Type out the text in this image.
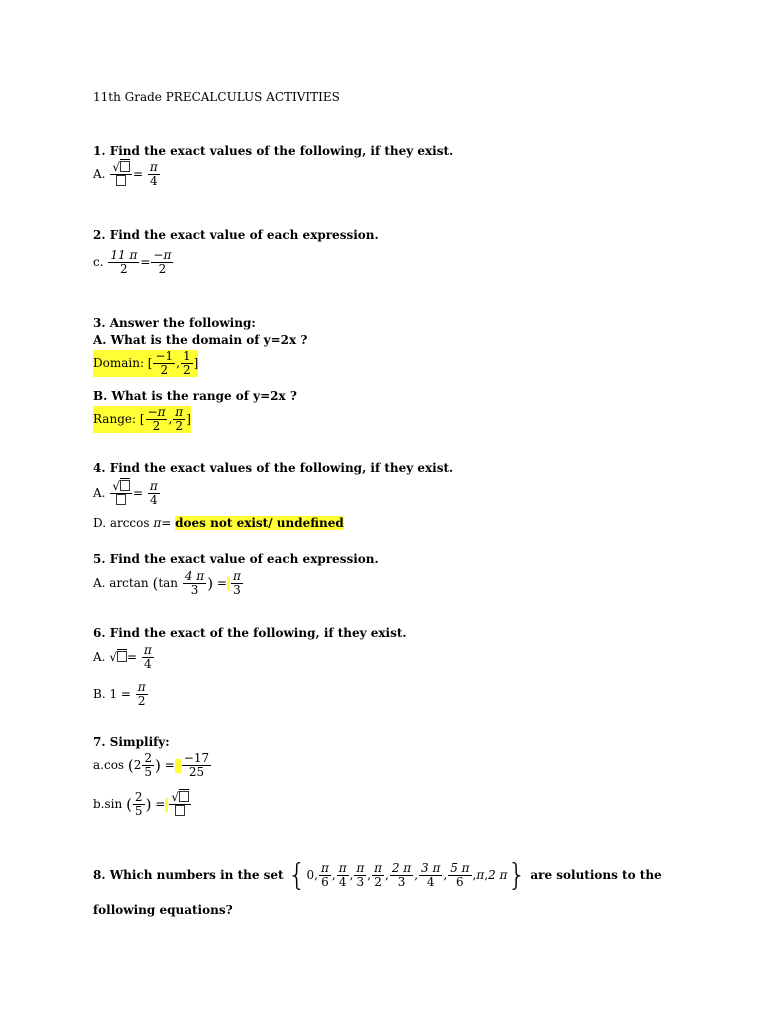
11th Grade PRECALCULUS ACTIVITIES
1. Find the exact values of the following, if they exist.
A. √	= $\frac{\pi}{4}$
2. Find the exact value of each expression.
c. $\frac{11 \pi}{2} = \frac{-\pi}{2}$
3. Answer the following:
A. What is the domain of y=2x ?
Domain: [ $\frac{-1}{2}$ , $\frac{1}{2}$ ]
B. What is the range of y=2x ?
Range: [ $\frac{-\pi}{2}$ , $\frac{\pi}{2}$ ]
4. Find the exact values of the following, if they exist.
A. √	= $\frac{\pi}{4}$
D. arccos π= does not exist/ undefined
5. Find the exact value of each expression.
A. $\arctan (\tan \frac{4 \pi}{3}$ ) = $\frac{\pi}{3}$
6. Find the exact of the following, if they exist.
A. √ = $\frac{\pi}{4}$
B. $1 = \frac{\pi}{2}$
7. Simplify:
a.cos ($2 \frac{2}{5}$ ) = $\frac{-17}{25}$
b.sin ( $\frac{2}{5}$ ) = √
8. Which numbers in the set {0, $\frac{\pi}{6}$ , $\frac{\pi}{4}$ , $\frac{\pi}{3}$ , $\frac{\pi}{2}$ , $\frac{2 \pi}{3}$ , $\frac{3 \pi}{4}$ , $\frac{5 \pi}{6} ,\pi,2$ π} are solutions to the
following equations?
